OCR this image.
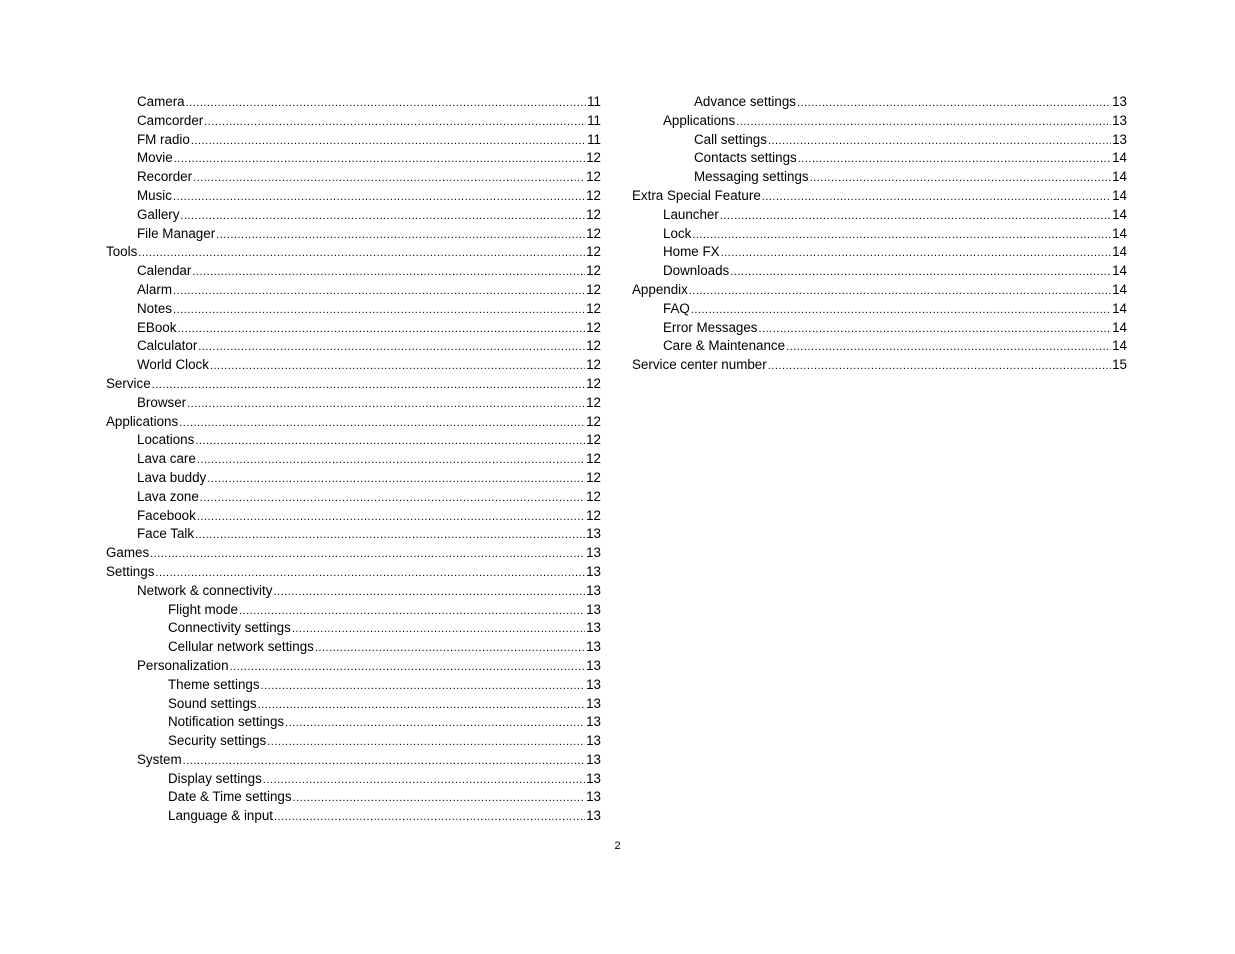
Camera .....	11
Camcorder .....	11
FM radio .....	11
Movie .....	12
Recorder .....	12
Music .....	12
Gallery .....	12
File Manager .....	12
Tools .....	12
Calendar .....	12
Alarm .....	12
Notes .....	12
EBook .....	12
Calculator .....	12
World Clock .....	12
Service .....	12
Browser .....	12
Applications .....	12
Locations .....	12
Lava care .....	12
Lava buddy .....	12
Lava zone .....	12
Facebook .....	12
Face Talk .....	13
Games .....	13
Settings .....	13
Network & connectivity .....	13
Flight mode .....	13
Connectivity settings .....	13
Cellular network settings .....	13
Personalization .....	13
Theme settings .....	13
Sound settings .....	13
Notification settings .....	13
Security settings .....	13
System .....	13
Display settings .....	13
Date & Time settings .....	13
Language & input .....	13
Advance settings .....	13
Applications .....	13
Call settings .....	13
Contacts settings .....	14
Messaging settings .....	14
Extra Special Feature .....	14
Launcher .....	14
Lock .....	14
Home FX .....	14
Downloads .....	14
Appendix .....	14
FAQ .....	14
Error Messages .....	14
Care & Maintenance .....	14
Service center number .....	15
2
